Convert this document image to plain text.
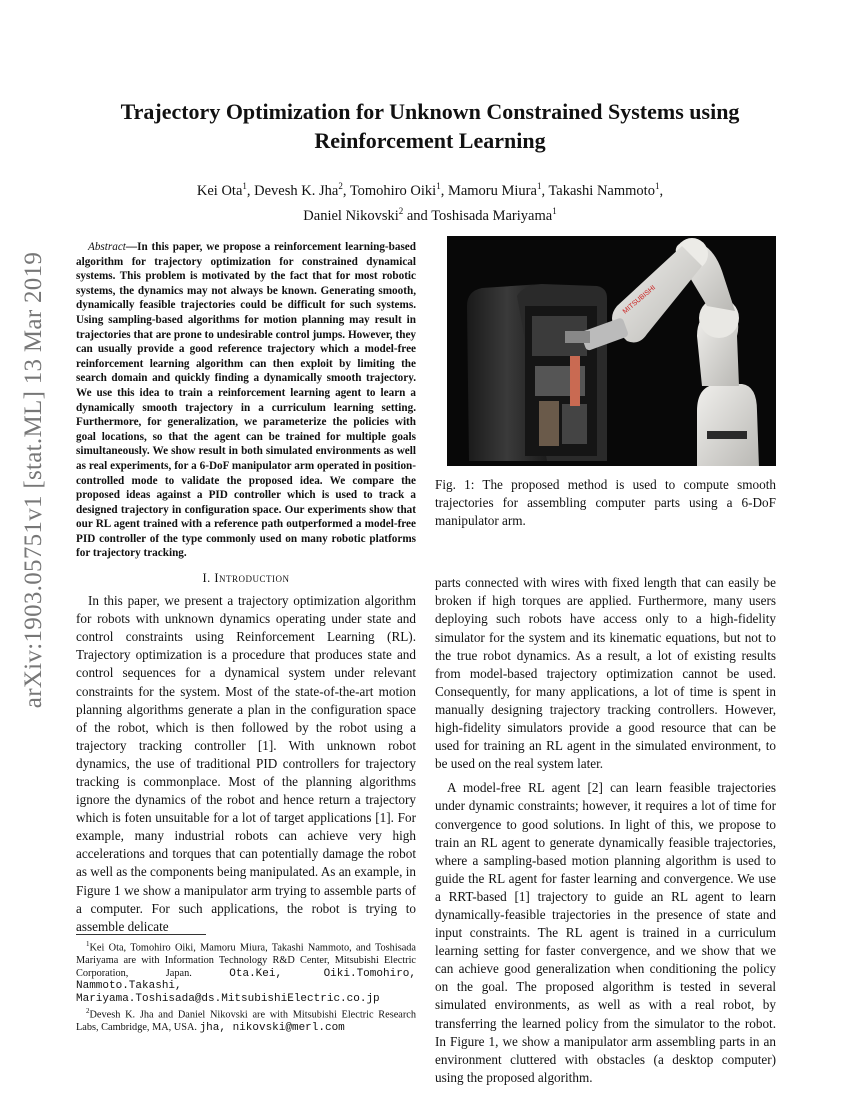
arXiv:1903.05751v1 [stat.ML] 13 Mar 2019
Trajectory Optimization for Unknown Constrained Systems using
Reinforcement Learning
Kei Ota$^1$, Devesh K. Jha$^2$, Tomohiro Oiki$^1$, Mamoru Miura$^1$, Takashi Nammoto$^1$,
Daniel Nikovski$^2$ and Toshisada Mariyama$^1$

Abstract—In this paper, we propose a reinforcement learning-based algorithm for trajectory optimization for constrained dynamical systems. This problem is motivated by the fact that for most robotic systems, the dynamics may not always be known. Generating smooth, dynamically feasible trajectories could be difficult for such systems. Using sampling-based algorithms for motion planning may result in trajectories that are prone to undesirable control jumps. However, they can usually provide a good reference trajectory which a model-free reinforcement learning algorithm can then exploit by limiting the search domain and quickly finding a dynamically smooth trajectory. We use this idea to train a reinforcement learning agent to learn a dynamically smooth trajectory in a curriculum learning setting. Furthermore, for generalization, we parameterize the policies with goal locations, so that the agent can be trained for multiple goals simultaneously. We show result in both simulated environments as well as real experiments, for a 6-DoF manipulator arm operated in position-controlled mode to validate the proposed idea. We compare the proposed ideas against a PID controller which is used to track a designed trajectory in configuration space. Our experiments show that our RL agent trained with a reference path outperformed a model-free PID controller of the type commonly used on many robotic platforms for trajectory tracking.

I. Introduction

In this paper, we present a trajectory optimization algorithm for robots with unknown dynamics operating under state and control constraints using Reinforcement Learning (RL). Trajectory optimization is a procedure that produces state and control sequences for a dynamical system under relevant constraints for the system. Most of the state-of-the-art motion planning algorithms generate a plan in the configuration space of the robot, which is then followed by the robot using a trajectory tracking controller [1]. With unknown robot dynamics, the use of traditional PID controllers for trajectory tracking is commonplace. Most of the planning algorithms ignore the dynamics of the robot and hence return a trajectory which is foten unsuitable for a lot of target applications [1]. For example, many industrial robots can achieve very high accelerations and torques that can potentially damage the robot as well as the components being manipulated. As an example, in Figure 1 we show a manipulator arm trying to assemble parts of a computer. For such applications, the robot is trying to assemble delicate

$^1$Kei Ota, Tomohiro Oiki, Mamoru Miura, Takashi Nammoto, and Toshisada Mariyama are with Information Technology R&D Center, Mitsubishi Electric Corporation, Japan.	Ota.Kei, Oiki.Tomohiro, Nammoto.Takashi, Mariyama.Toshisada@ds.MitsubishiElectric.co.jp
$^2$Devesh K. Jha and Daniel Nikovski are with Mitsubishi Electric Research Labs, Cambridge, MA, USA. jha, nikovski@merl.com
MITSUBISHI

Fig. 1: The proposed method is used to compute smooth trajectories for assembling computer parts using a 6-DoF manipulator arm.

parts connected with wires with fixed length that can easily be broken if high torques are applied. Furthermore, many users deploying such robots have access only to a high-fidelity simulator for the system and its kinematic equations, but not to the true robot dynamics. As a result, a lot of existing results from model-based trajectory optimization cannot be used. Consequently, for many applications, a lot of time is spent in manually designing trajectory tracking controllers. However, high-fidelity simulators provide a good resource that can be used for training an RL agent in the simulated environment, to be used on the real system later.

A model-free RL agent [2] can learn feasible trajectories under dynamic constraints; however, it requires a lot of time for convergence to good solutions. In light of this, we propose to train an RL agent to generate dynamically feasible trajectories, where a sampling-based motion planning algorithm is used to guide the RL agent for faster learning and convergence. We use a RRT-based [1] trajectory to guide an RL agent to learn dynamically-feasible trajectories in the presence of state and input constraints. The RL agent is trained in a curriculum learning setting for faster convergence, and we show that we can achieve good generalization when conditioning the policy on the goal. The proposed algorithm is tested in several simulated environments, as well as with a real robot, by transferring the learned policy from the simulator to the robot. In Figure 1, we show a manipulator arm assembling parts in an environment cluttered with obstacles (a desktop computer) using the proposed algorithm.
